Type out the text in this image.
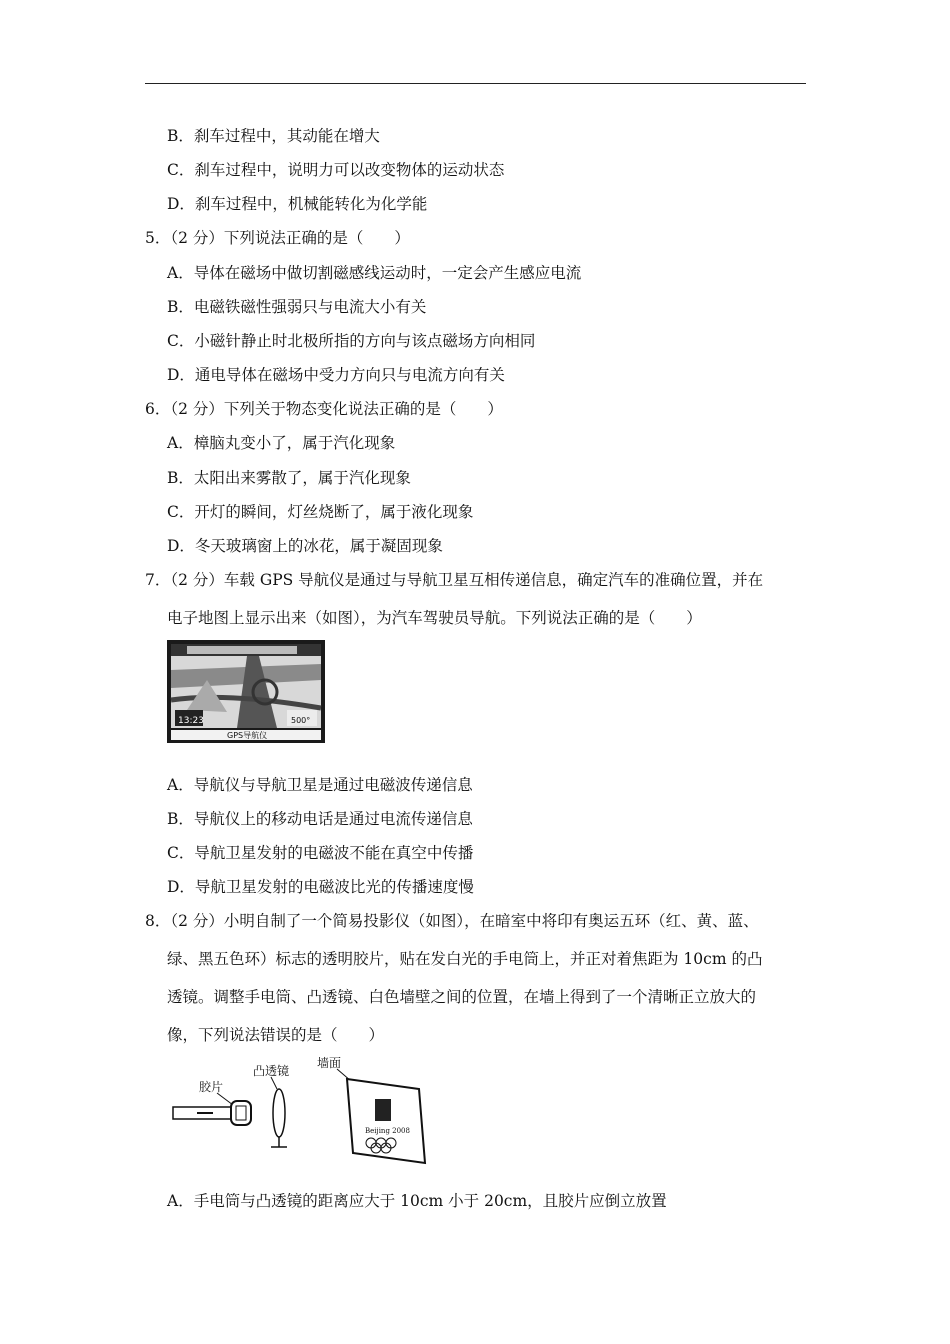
B．刹车过程中，其动能在增大
C．刹车过程中，说明力可以改变物体的运动状态
D．刹车过程中，机械能转化为化学能
5．（2 分）下列说法正确的是（　　）
A．导体在磁场中做切割磁感线运动时，一定会产生感应电流
B．电磁铁磁性强弱只与电流大小有关
C．小磁针静止时北极所指的方向与该点磁场方向相同
D．通电导体在磁场中受力方向只与电流方向有关
6．（2 分）下列关于物态变化说法正确的是（　　）
A．樟脑丸变小了，属于汽化现象
B．太阳出来雾散了，属于汽化现象
C．开灯的瞬间，灯丝烧断了，属于液化现象
D．冬天玻璃窗上的冰花，属于凝固现象
7．（2 分）车载 GPS 导航仪是通过与导航卫星互相传递信息，确定汽车的准确位置，并在
电子地图上显示出来（如图），为汽车驾驶员导航。下列说法正确的是（　　）
13:23	500°
GPS导航仪
A．导航仪与导航卫星是通过电磁波传递信息
B．导航仪上的移动电话是通过电流传递信息
C．导航卫星发射的电磁波不能在真空中传播
D．导航卫星发射的电磁波比光的传播速度慢
8．（2 分）小明自制了一个简易投影仪（如图），在暗室中将印有奥运五环（红、黄、蓝、
绿、黑五色环）标志的透明胶片，贴在发白光的手电筒上，并正对着焦距为 10cm 的凸
透镜。调整手电筒、凸透镜、白色墙壁之间的位置，在墙上得到了一个清晰正立放大的
像，下列说法错误的是（　　）
胶片
凸透镜
墙面
Beijing 2008
A．手电筒与凸透镜的距离应大于 10cm 小于 20cm，且胶片应倒立放置
